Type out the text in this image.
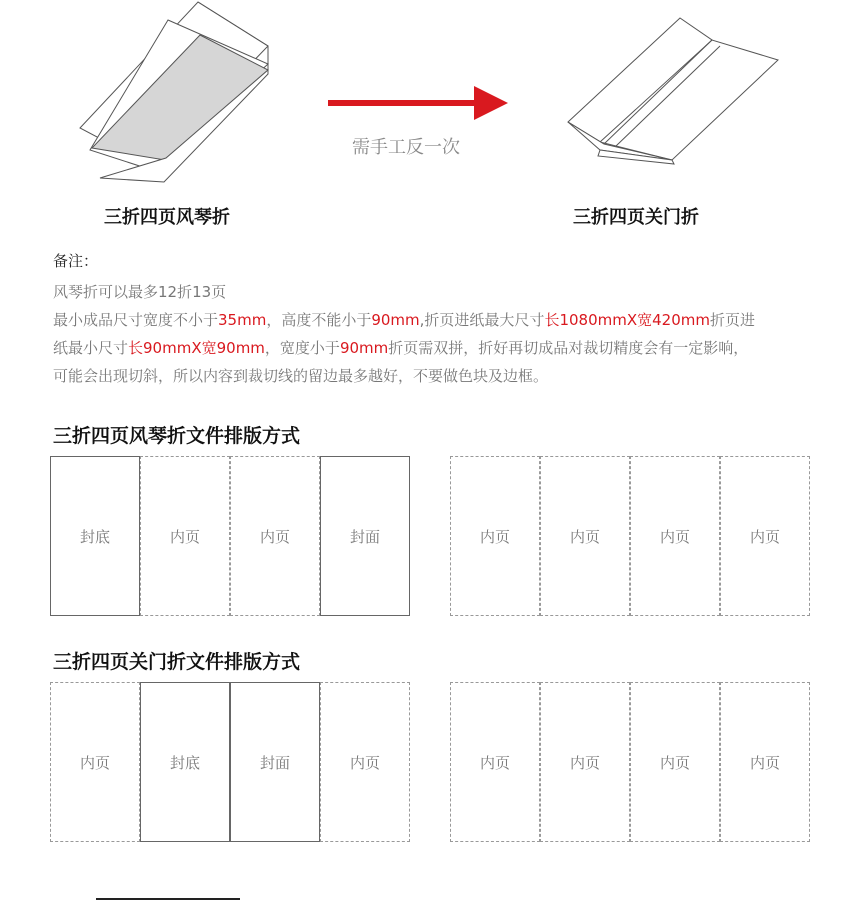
三折四页风琴折
需手工反一次
三折四页关门折
备注：
风琴折可以最多12折13页
最小成品尺寸宽度不小于35mm，高度不能小于90mm,折页进纸最大尺寸长1080mmX宽420mm折页进
纸最小尺寸长90mmX宽90mm，宽度小于90mm折页需双拼，折好再切成品对裁切精度会有一定影响，
可能会出现切斜，所以内容到裁切线的留边最多越好，不要做色块及边框。
三折四页风琴折文件排版方式
封底	内页	内页	封面	内页	内页	内页	内页
三折四页关门折文件排版方式
内页	封底	封面	内页	内页	内页	内页	内页
